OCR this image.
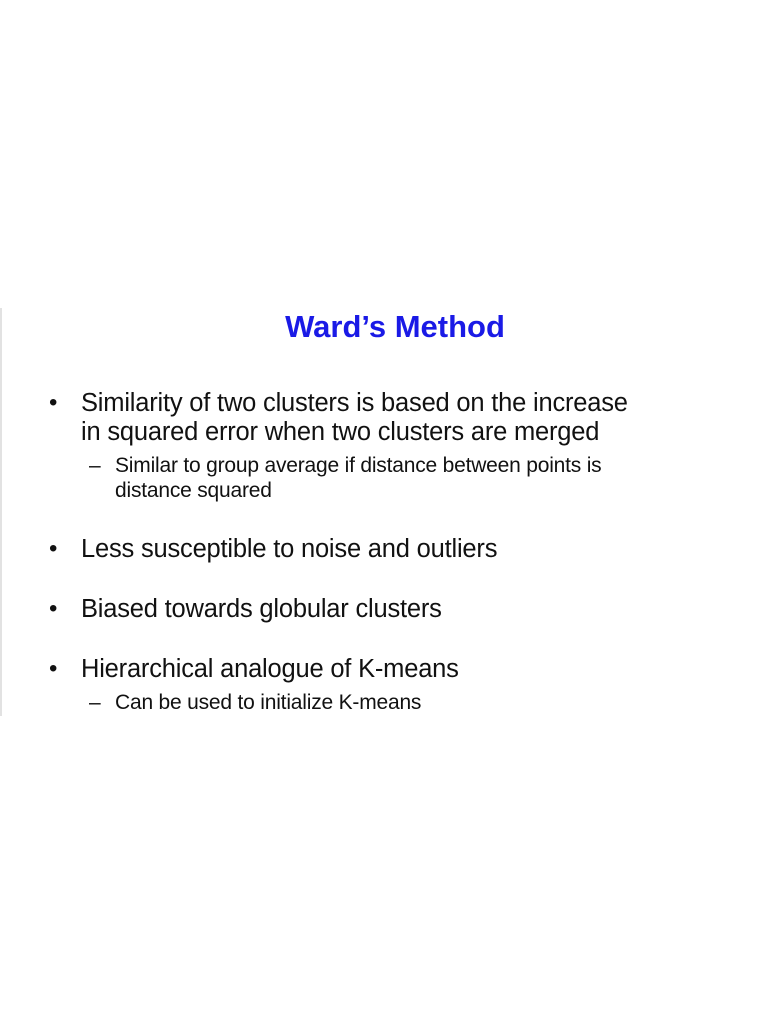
Ward’s Method
• Similarity of two clusters is based on the increase
in squared error when two clusters are merged
– Similar to group average if distance between points is
distance squared
• Less susceptible to noise and outliers
• Biased towards globular clusters
• Hierarchical analogue of K-means
– Can be used to initialize K-means
